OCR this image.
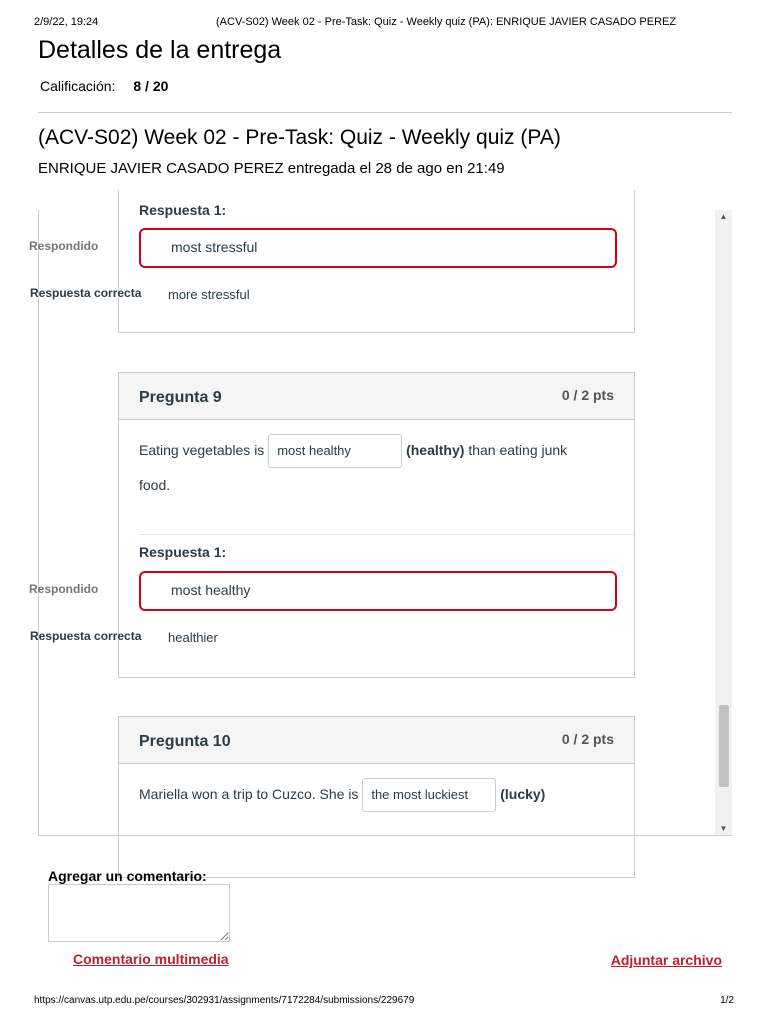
2/9/22, 19:24	(ACV-S02) Week 02 - Pre-Task: Quiz - Weekly quiz (PA): ENRIQUE JAVIER CASADO PEREZ
Detalles de la entrega
Calificación: 8 / 20
(ACV-S02) Week 02 - Pre-Task: Quiz - Weekly quiz (PA)
ENRIQUE JAVIER CASADO PEREZ entregada el 28 de ago en 21:49
Respuesta 1:
most stressful
more stressful
Respondido
Respuesta correcta
Pregunta 9	0 / 2 pts
Eating vegetables is most healthy	(healthy) than eating junk
food.
Respuesta 1:
most healthy
healthier
Respondido
Respuesta correcta
Pregunta 10	0 / 2 pts
Mariella won a trip to Cuzco. She is the most luckiest (lucky)
▲
▼
Agregar un comentario:
Comentario multimedia	Adjuntar archivo
https://canvas.utp.edu.pe/courses/302931/assignments/7172284/submissions/229679	1/2
